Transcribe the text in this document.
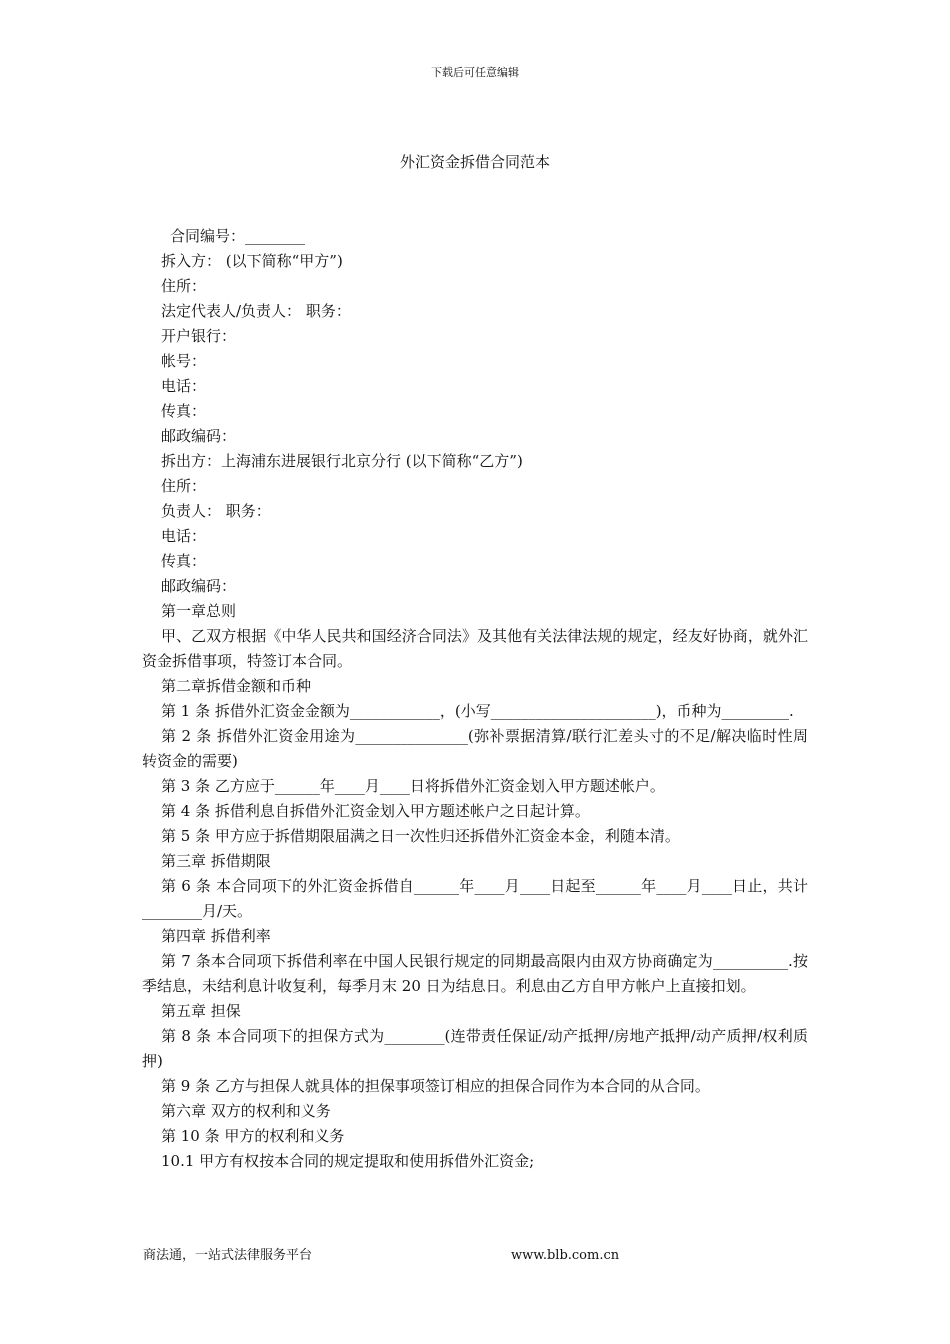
下载后可任意编辑
外汇资金拆借合同范本

合同编号：________

拆入方： (以下简称“甲方”)

住所：

法定代表人/负责人： 职务：

开户银行：

帐号：

电话：

传真：

邮政编码：

拆出方：上海浦东进展银行北京分行 (以下简称“乙方”)

住所：

负责人： 职务：

电话：

传真：

邮政编码：

第一章总则

甲、乙双方根据《中华人民共和国经济合同法》及其他有关法律法规的规定，经友好协商，就外汇资金拆借事项，特签订本合同。

第二章拆借金额和币种

第 1 条 拆借外汇资金金额为____________，(小写______________________)，币种为_________.

第 2 条 拆借外汇资金用途为_______________(弥补票据清算/联行汇差头寸的不足/解决临时性周转资金的需要)

第 3 条 乙方应于______年____月____日将拆借外汇资金划入甲方题述帐户。

第 4 条 拆借利息自拆借外汇资金划入甲方题述帐户之日起计算。

第 5 条 甲方应于拆借期限届满之日一次性归还拆借外汇资金本金，利随本清。

第三章 拆借期限

第 6 条 本合同项下的外汇资金拆借自______年____月____日起至______年____月____日止，共计________月/天。

第四章 拆借利率

第 7 条本合同项下拆借利率在中国人民银行规定的同期最高限内由双方协商确定为__________.按季结息，未结利息计收复利，每季月末 20 日为结息日。利息由乙方自甲方帐户上直接扣划。

第五章 担保

第 8 条 本合同项下的担保方式为________(连带责任保证/动产抵押/房地产抵押/动产质押/权利质押)

第 9 条 乙方与担保人就具体的担保事项签订相应的担保合同作为本合同的从合同。

第六章 双方的权利和义务

第 10 条 甲方的权利和义务

10.1 甲方有权按本合同的规定提取和使用拆借外汇资金;

商法通，一站式法律服务平台	www.blb.com.cn
